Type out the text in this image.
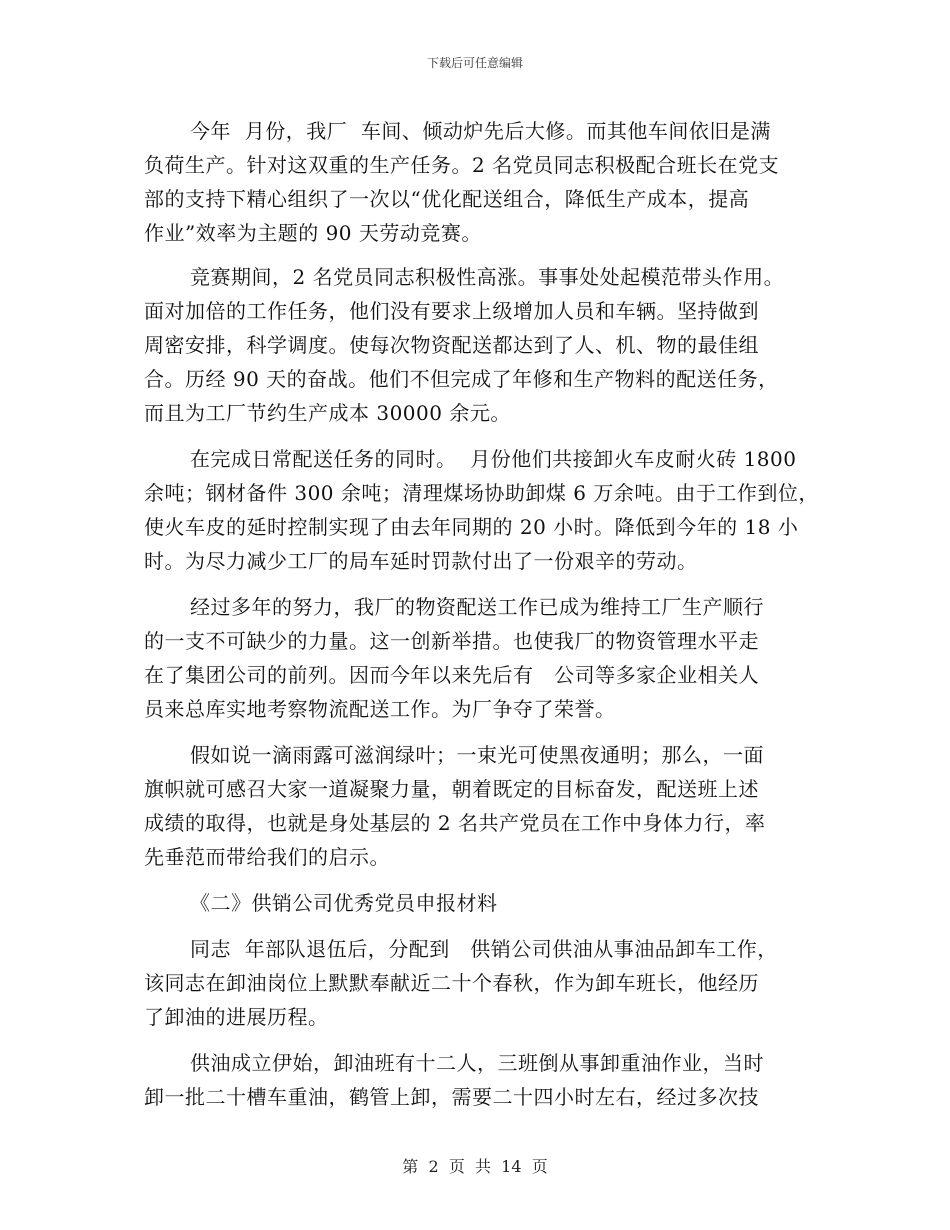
下载后可任意编辑
今年  月份，我厂  车间、倾动炉先后大修。而其他车间依旧是满
负荷生产。针对这双重的生产任务。2 名党员同志积极配合班长在党支
部的支持下精心组织了一次以“优化配送组合，降低生产成本，提高
作业”效率为主题的 90 天劳动竞赛。
竞赛期间，2 名党员同志积极性高涨。事事处处起模范带头作用。
面对加倍的工作任务，他们没有要求上级增加人员和车辆。坚持做到
周密安排，科学调度。使每次物资配送都达到了人、机、物的最佳组
合。历经 90 天的奋战。他们不但完成了年修和生产物料的配送任务，
而且为工厂节约生产成本 30000 余元。
在完成日常配送任务的同时。  月份他们共接卸火车皮耐火砖 1800
余吨；钢材备件 300 余吨；清理煤场协助卸煤 6 万余吨。由于工作到位，
使火车皮的延时控制实现了由去年同期的 20 小时。降低到今年的 18 小
时。为尽力减少工厂的局车延时罚款付出了一份艰辛的劳动。
经过多年的努力，我厂的物资配送工作已成为维持工厂生产顺行
的一支不可缺少的力量。这一创新举措。也使我厂的物资管理水平走
在了集团公司的前列。因而今年以来先后有   公司等多家企业相关人
员来总库实地考察物流配送工作。为厂争夺了荣誉。
假如说一滴雨露可滋润绿叶；一束光可使黑夜通明；那么，一面
旗帜就可感召大家一道凝聚力量，朝着既定的目标奋发，配送班上述
成绩的取得，也就是身处基层的 2 名共产党员在工作中身体力行，率
先垂范而带给我们的启示。
《二》供销公司优秀党员申报材料
同志  年部队退伍后，分配到   供销公司供油从事油品卸车工作，
该同志在卸油岗位上默默奉献近二十个春秋，作为卸车班长，他经历
了卸油的进展历程。
供油成立伊始，卸油班有十二人，三班倒从事卸重油作业，当时
卸一批二十槽车重油，鹤管上卸，需要二十四小时左右，经过多次技
第  2  页  共  14  页
